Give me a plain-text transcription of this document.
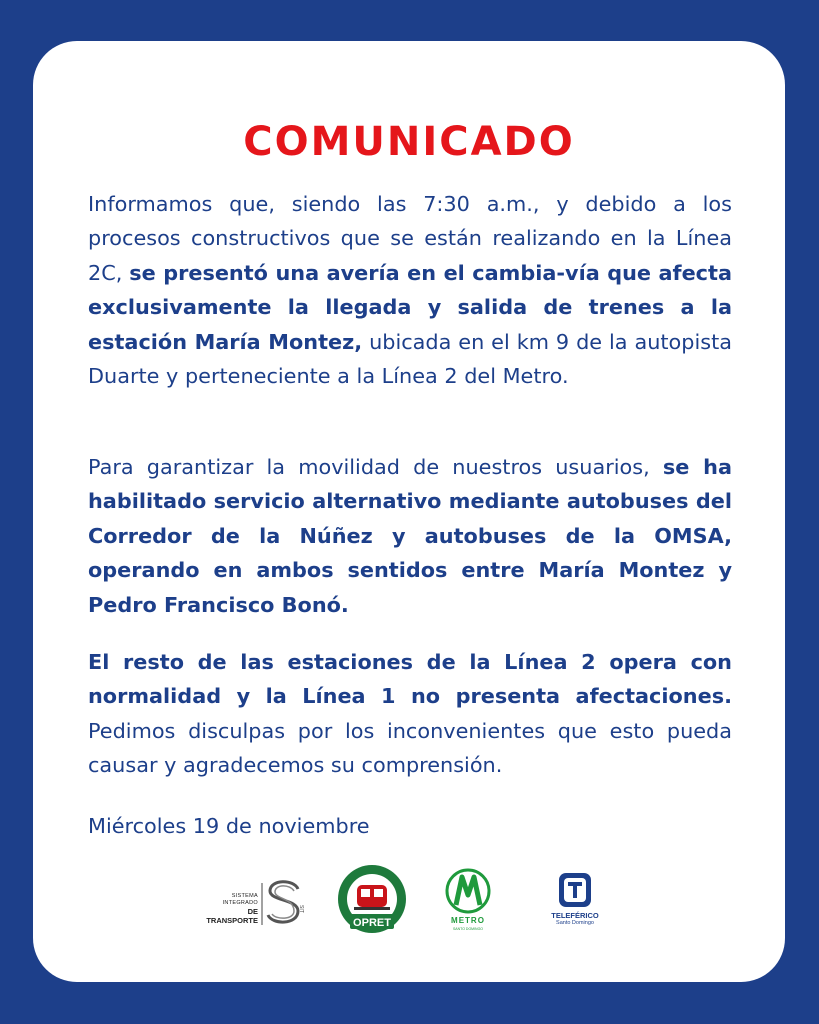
COMUNICADO

Informamos que, siendo las 7:30 a.m., y debido a los procesos constructivos que se están realizando en la Línea 2C, se presentó una avería en el cambia-vía que afecta exclusivamente la llegada y salida de trenes a la estación María Montez, ubicada en el km 9 de la autopista Duarte y perteneciente a la Línea 2 del Metro.

Para garantizar la movilidad de nuestros usuarios, se ha habilitado servicio alternativo mediante autobuses del Corredor de la Núñez y autobuses de la OMSA, operando en ambos sentidos entre María Montez y Pedro Francisco Bonó.

El resto de las estaciones de la Línea 2 opera con normalidad y la Línea 1 no presenta afectaciones. Pedimos disculpas por los inconvenientes que esto pueda causar y agradecemos su comprensión.

Miércoles 19 de noviembre

SISTEMA INTEGRADO
DE TRANSPORTE
SIT
OPRET	METRO
SANTO DOMINGO
TELEFÉRICO
Santo Domingo
